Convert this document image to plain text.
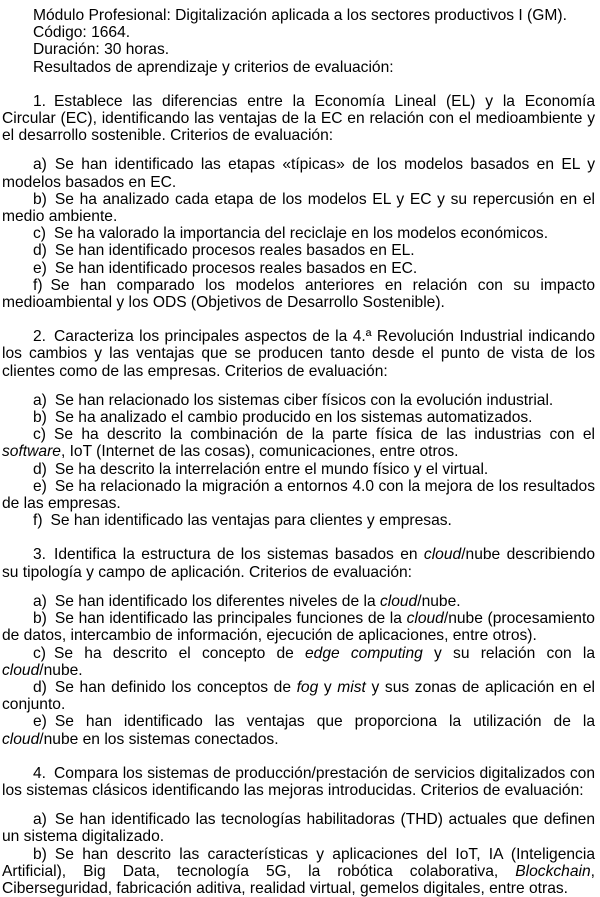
Módulo Profesional: Digitalización aplicada a los sectores productivos I (GM).

Código: 1664.

Duración: 30 horas.

Resultados de aprendizaje y criterios de evaluación:

1. Establece las diferencias entre la Economía Lineal (EL) y la Economía Circular (EC), identificando las ventajas de la EC en relación con el medioambiente y el desarrollo sostenible. Criterios de evaluación:

a) Se han identificado las etapas «típicas» de los modelos basados en EL y modelos basados en EC.

b) Se ha analizado cada etapa de los modelos EL y EC y su repercusión en el medio ambiente.

c) Se ha valorado la importancia del reciclaje en los modelos económicos.

d) Se han identificado procesos reales basados en EL.

e) Se han identificado procesos reales basados en EC.

f) Se han comparado los modelos anteriores en relación con su impacto medioambiental y los ODS (Objetivos de Desarrollo Sostenible).

2. Caracteriza los principales aspectos de la 4.ª Revolución Industrial indicando los cambios y las ventajas que se producen tanto desde el punto de vista de los clientes como de las empresas. Criterios de evaluación:

a) Se han relacionado los sistemas ciber físicos con la evolución industrial.

b) Se ha analizado el cambio producido en los sistemas automatizados.

c) Se ha descrito la combinación de la parte física de las industrias con el software, IoT (Internet de las cosas), comunicaciones, entre otros.

d) Se ha descrito la interrelación entre el mundo físico y el virtual.

e) Se ha relacionado la migración a entornos 4.0 con la mejora de los resultados de las empresas.

f) Se han identificado las ventajas para clientes y empresas.

3. Identifica la estructura de los sistemas basados en cloud/nube describiendo su tipología y campo de aplicación. Criterios de evaluación:

a) Se han identificado los diferentes niveles de la cloud/nube.

b) Se han identificado las principales funciones de la cloud/nube (procesamiento de datos, intercambio de información, ejecución de aplicaciones, entre otros).

c) Se ha descrito el concepto de edge computing y su relación con la cloud/nube.

d) Se han definido los conceptos de fog y mist y sus zonas de aplicación en el conjunto.

e) Se han identificado las ventajas que proporciona la utilización de la cloud/nube en los sistemas conectados.

4. Compara los sistemas de producción/prestación de servicios digitalizados con los sistemas clásicos identificando las mejoras introducidas. Criterios de evaluación:

a) Se han identificado las tecnologías habilitadoras (THD) actuales que definen un sistema digitalizado.

b) Se han descrito las características y aplicaciones del IoT, IA (Inteligencia Artificial), Big Data, tecnología 5G, la robótica colaborativa, Blockchain, Ciberseguridad, fabricación aditiva, realidad virtual, gemelos digitales, entre otras.
